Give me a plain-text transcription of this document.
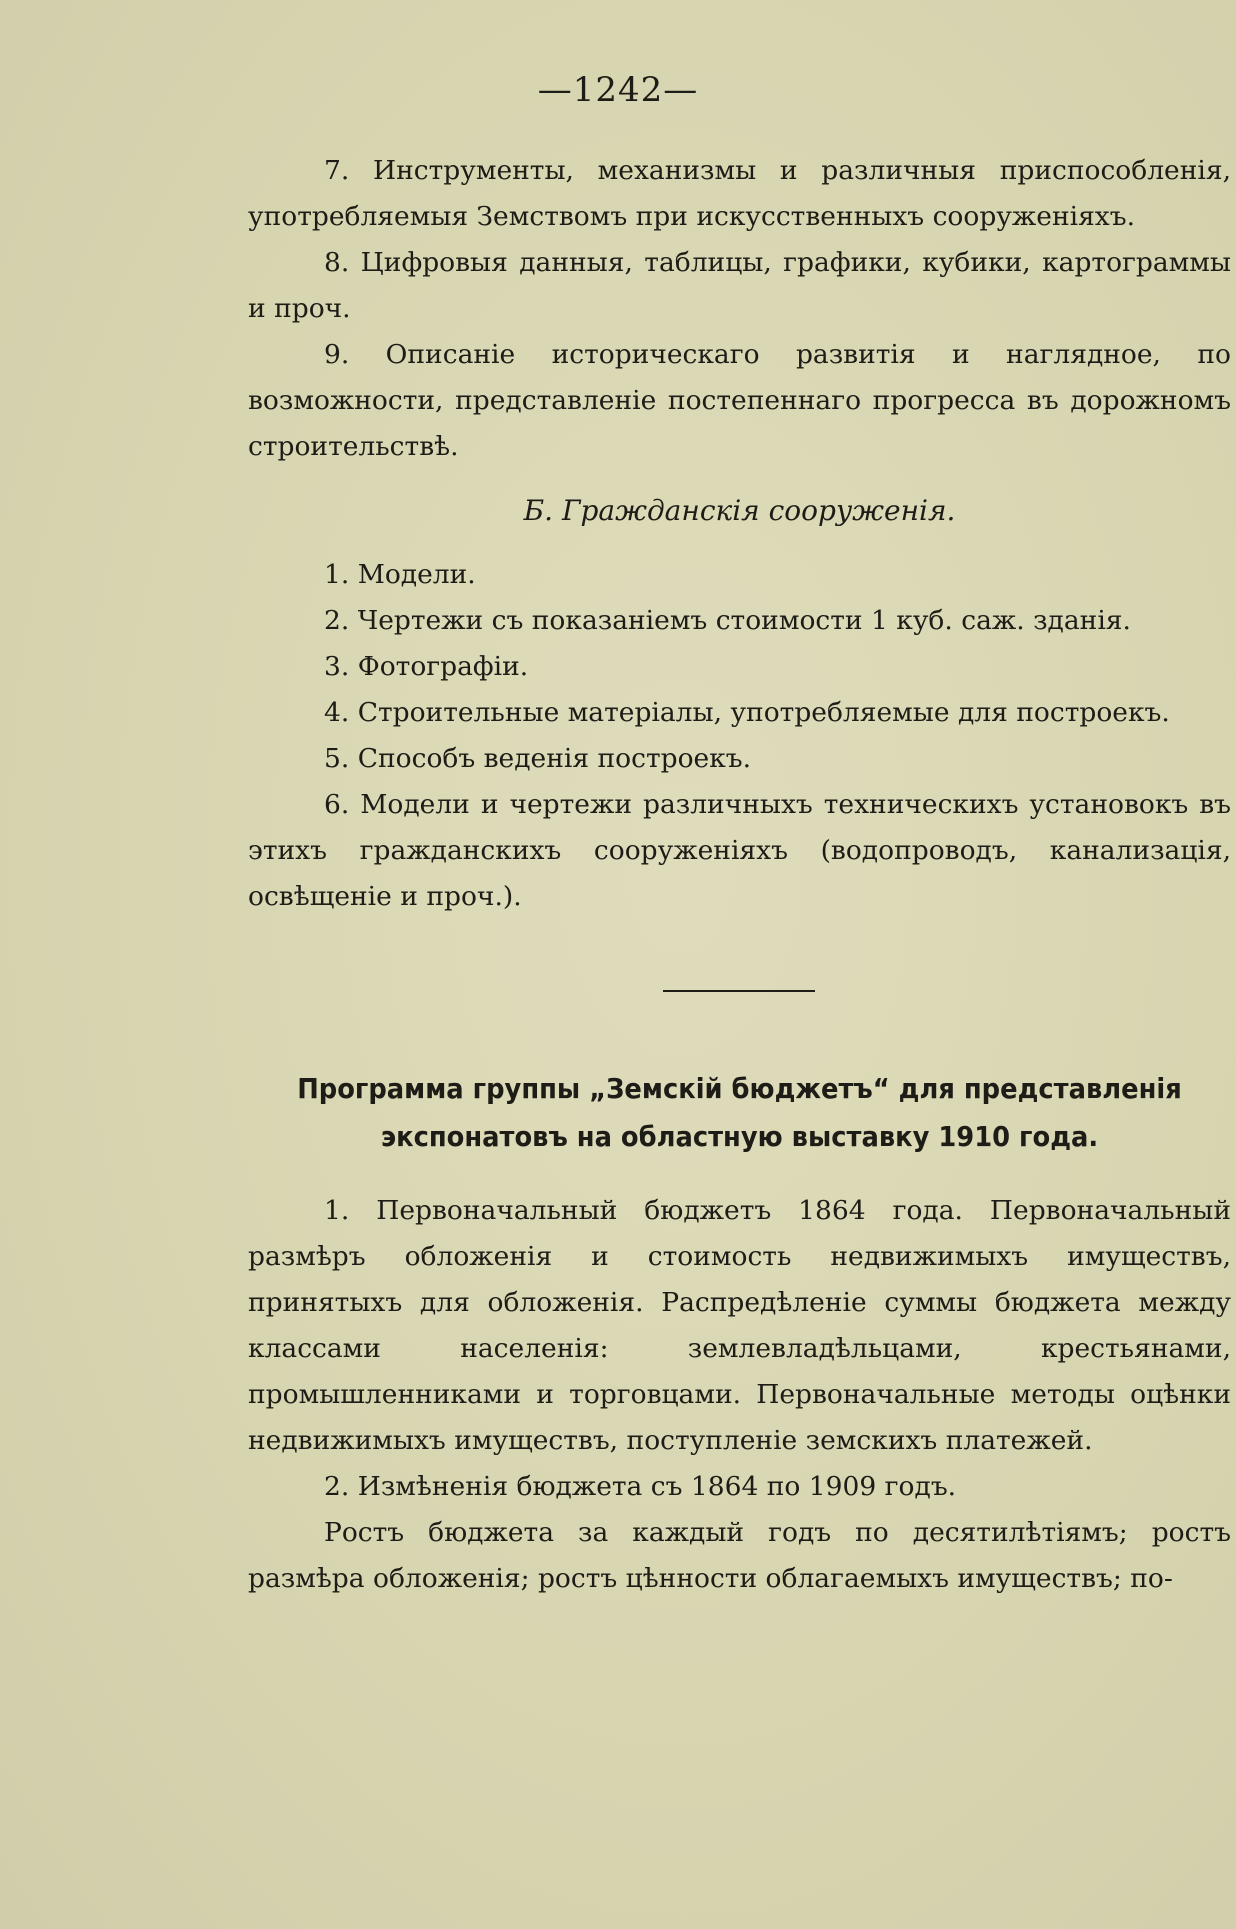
—1242—

7. Инструменты, механизмы и различныя приспособленія, употребляемыя Земствомъ при искусственныхъ сооруженіяхъ.

8. Цифровыя данныя, таблицы, графики, кубики, картограммы и проч.

9. Описаніе историческаго развитія и наглядное, по возможности, представленіе постепеннаго прогресса въ дорожномъ строительствѣ.

Б. Гражданскія сооруженія.

1. Модели.

2. Чертежи съ показаніемъ стоимости 1 куб. саж. зданія.

3. Фотографіи.

4. Строительные матеріалы, употребляемые для построекъ.

5. Способъ веденія построекъ.

6. Модели и чертежи различныхъ техническихъ установокъ въ этихъ гражданскихъ сооруженіяхъ (водопроводъ, канализація, освѣщеніе и проч.).

Программа группы „Земскій бюджетъ“ для представленія экспонатовъ на областную выставку 1910 года.

1. Первоначальный бюджетъ 1864 года. Первоначальный размѣръ обложенія и стоимость недвижимыхъ имуществъ, принятыхъ для обложенія. Распредѣленіе суммы бюджета между классами населенія: землевладѣльцами, крестьянами, промышленниками и торговцами. Первоначальные методы оцѣнки недвижимыхъ имуществъ, поступленіе земскихъ платежей.

2. Измѣненія бюджета съ 1864 по 1909 годъ.

Ростъ бюджета за каждый годъ по десятилѣтіямъ; ростъ размѣра обложенія; ростъ цѣнности облагаемыхъ имуществъ; по-
